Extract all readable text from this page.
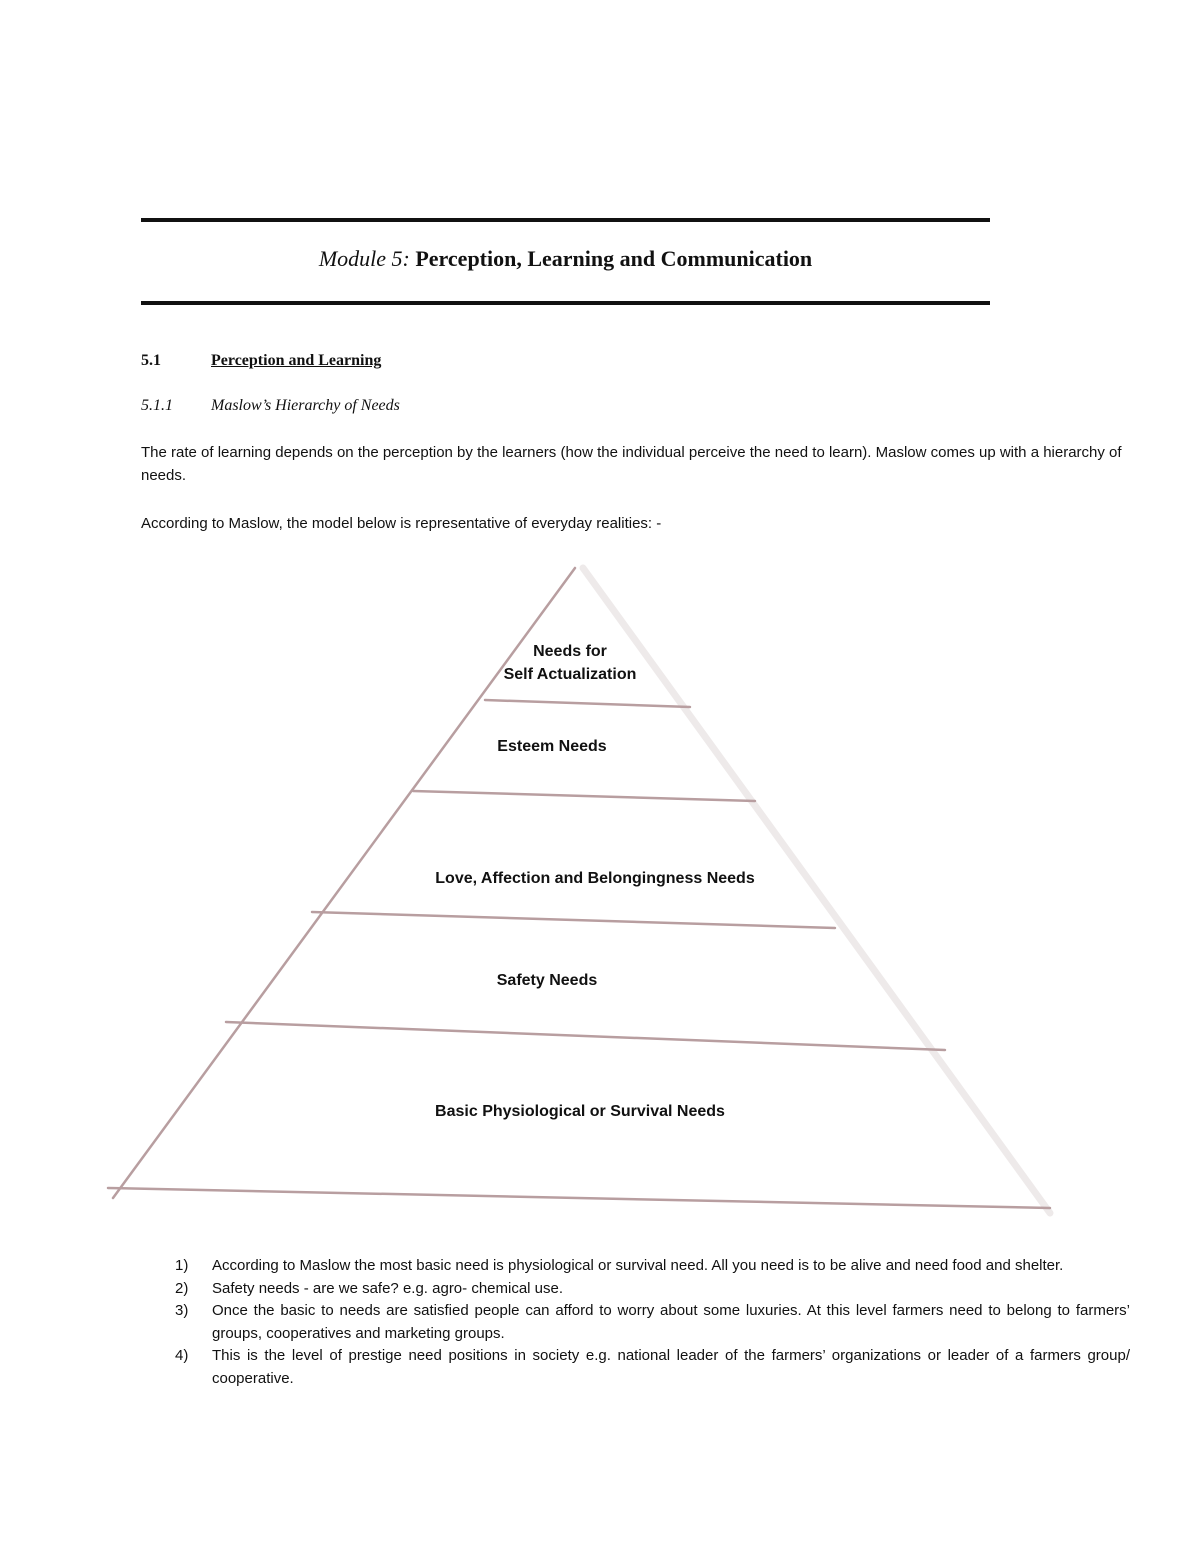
Module 5: Perception, Learning and Communication
5.1	Perception and Learning
5.1.1 Maslow’s Hierarchy of Needs
The rate of learning depends on the perception by the learners (how the individual perceive the need to learn). Maslow comes up with a hierarchy of needs.
According to Maslow, the model below is representative of everyday realities: -
Needs for
Self Actualization
Esteem Needs
Love, Affection and Belongingness Needs
Safety Needs
Basic Physiological or Survival Needs
1)	According to Maslow the most basic need is physiological or survival need. All you need is to be alive and need food and shelter.
2)	Safety needs - are we safe? e.g. agro- chemical use.
3)	Once the basic to needs are satisfied people can afford to worry about some luxuries. At this level farmers need to belong to farmers’ groups, cooperatives and marketing groups.
4)	This is the level of prestige need positions in society e.g. national leader of the farmers’ organizations or leader of a farmers group/ cooperative.
